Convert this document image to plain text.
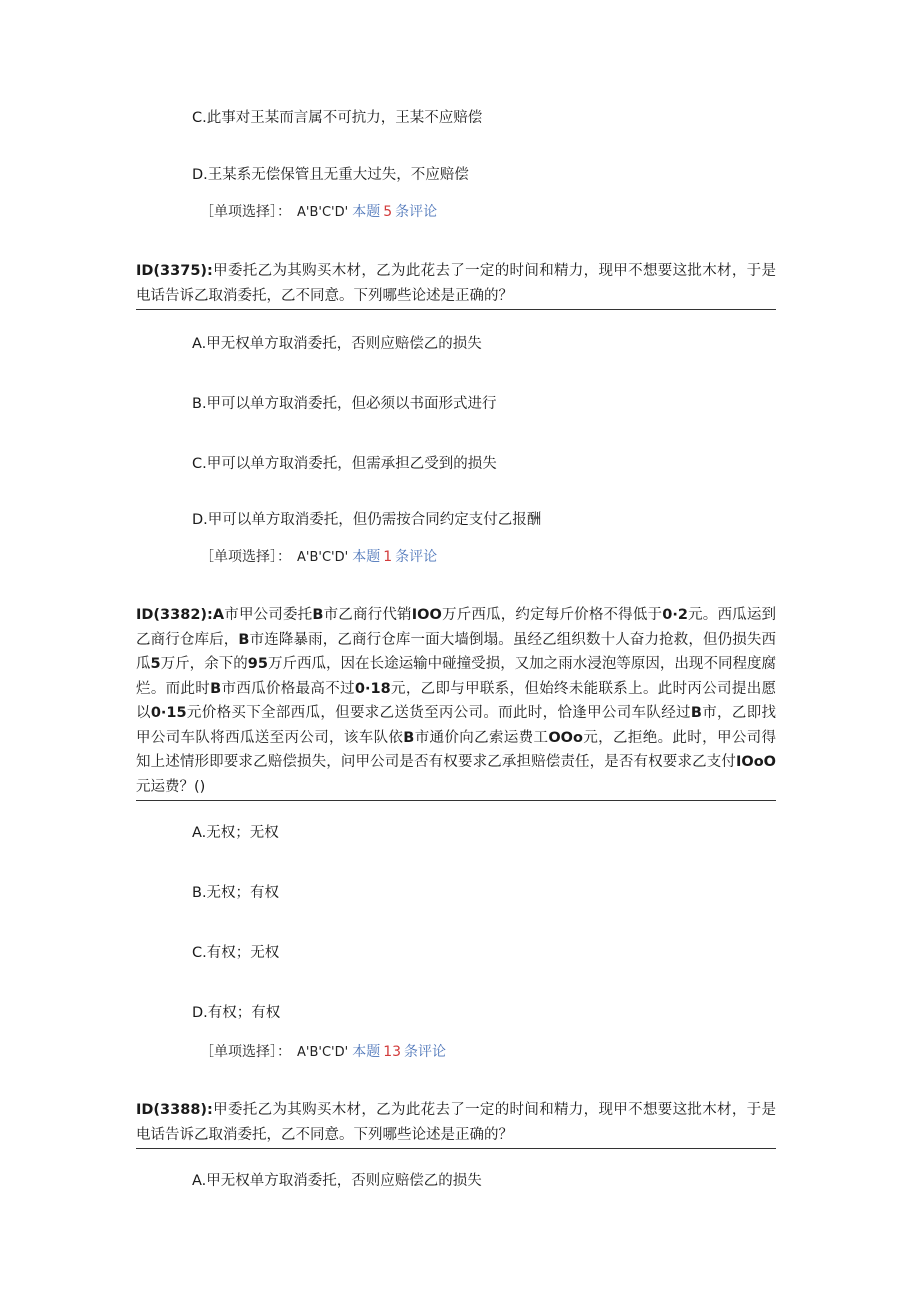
C.此事对王某而言属不可抗力，王某不应赔偿
D.王某系无偿保管且无重大过失，不应赔偿
［单项选择］： A'B'C'D' 本题 5 条评论
ID(3375):甲委托乙为其购买木材，乙为此花去了一定的时间和精力，现甲不想要这批木材，于是电话告诉乙取消委托，乙不同意。下列哪些论述是正确的？
A.甲无权单方取消委托，否则应赔偿乙的损失
B.甲可以单方取消委托，但必须以书面形式进行
C.甲可以单方取消委托，但需承担乙受到的损失
D.甲可以单方取消委托，但仍需按合同约定支付乙报酬
［单项选择］： A'B'C'D' 本题 1 条评论
ID(3382):A市甲公司委托B市乙商行代销IOO万斤西瓜，约定每斤价格不得低于0·2元。西瓜运到乙商行仓库后，B市连降暴雨，乙商行仓库一面大墙倒塌。虽经乙组织数十人奋力抢救，但仍损失西瓜5万斤，余下的95万斤西瓜，因在长途运输中碰撞受损，又加之雨水浸泡等原因，出现不同程度腐烂。而此时B市西瓜价格最高不过0·18元，乙即与甲联系，但始终未能联系上。此时丙公司提出愿以0·15元价格买下全部西瓜，但要求乙送货至丙公司。而此时，恰逢甲公司车队经过B市，乙即找甲公司车队将西瓜送至丙公司，该车队依B市通价向乙索运费工OOo元，乙拒绝。此时，甲公司得知上述情形即要求乙赔偿损失，问甲公司是否有权要求乙承担赔偿责任，是否有权要求乙支付IOoO元运费？()
A.无权；无权
B.无权；有权
C.有权；无权
D.有权；有权
［单项选择］： A'B'C'D' 本题 13 条评论
ID(3388):甲委托乙为其购买木材，乙为此花去了一定的时间和精力，现甲不想要这批木材，于是电话告诉乙取消委托，乙不同意。下列哪些论述是正确的？
A.甲无权单方取消委托，否则应赔偿乙的损失
